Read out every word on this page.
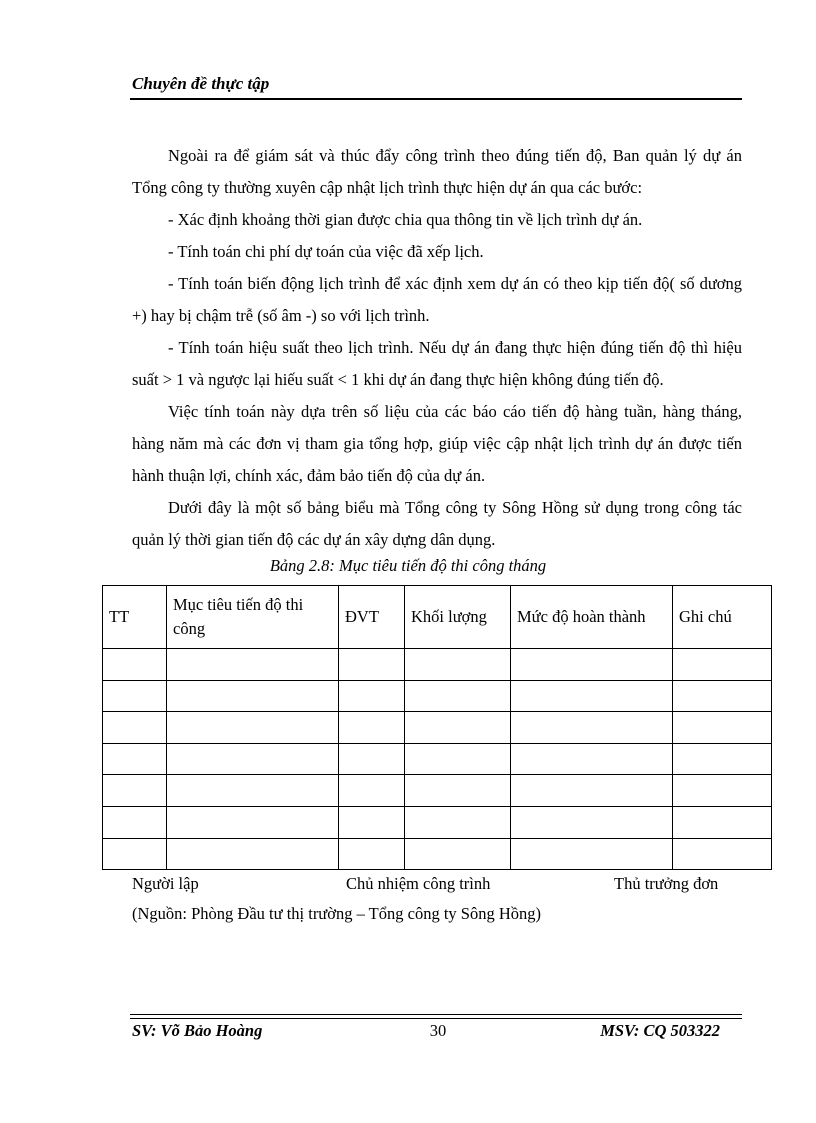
Chuyên đề thực tập

Ngoài ra để giám sát và thúc đẩy công trình theo đúng tiến độ, Ban quản lý dự án Tổng công ty thường xuyên cập nhật lịch trình thực hiện dự án qua các bước:

- Xác định khoảng thời gian được chia qua thông tin về lịch trình dự án.

- Tính toán chi phí dự toán của việc đã xếp lịch.

- Tính toán biến động lịch trình để xác định xem dự án có theo kịp tiến độ( số dương +) hay bị chậm trễ (số âm -) so với lịch trình.

- Tính toán hiệu suất theo lịch trình. Nếu dự án đang thực hiện đúng tiến độ thì hiệu suất > 1 và ngược lại hiếu suất < 1 khi dự án đang thực hiện không đúng tiến độ.

Việc tính toán này dựa trên số liệu của các báo cáo tiến độ hàng tuần, hàng tháng, hàng năm mà các đơn vị tham gia tổng hợp, giúp việc cập nhật lịch trình dự án được tiến hành thuận lợi, chính xác, đảm bảo tiến độ của dự án.

Dưới đây là một số bảng biểu mà Tổng công ty Sông Hồng sử dụng trong công tác quản lý thời gian tiến độ các dự án xây dựng dân dụng.

Bảng 2.8: Mục tiêu tiến độ thi công tháng
TT	Mục tiêu tiến độ thi công	ĐVT	Khối lượng	Mức độ hoàn thành	Ghi chú

Người lập	Chủ nhiệm công trình	Thủ trưởng đơn
(Nguồn: Phòng Đầu tư thị trường – Tổng công ty Sông Hồng)
SV: Võ Bảo Hoàng	30	MSV: CQ 503322
